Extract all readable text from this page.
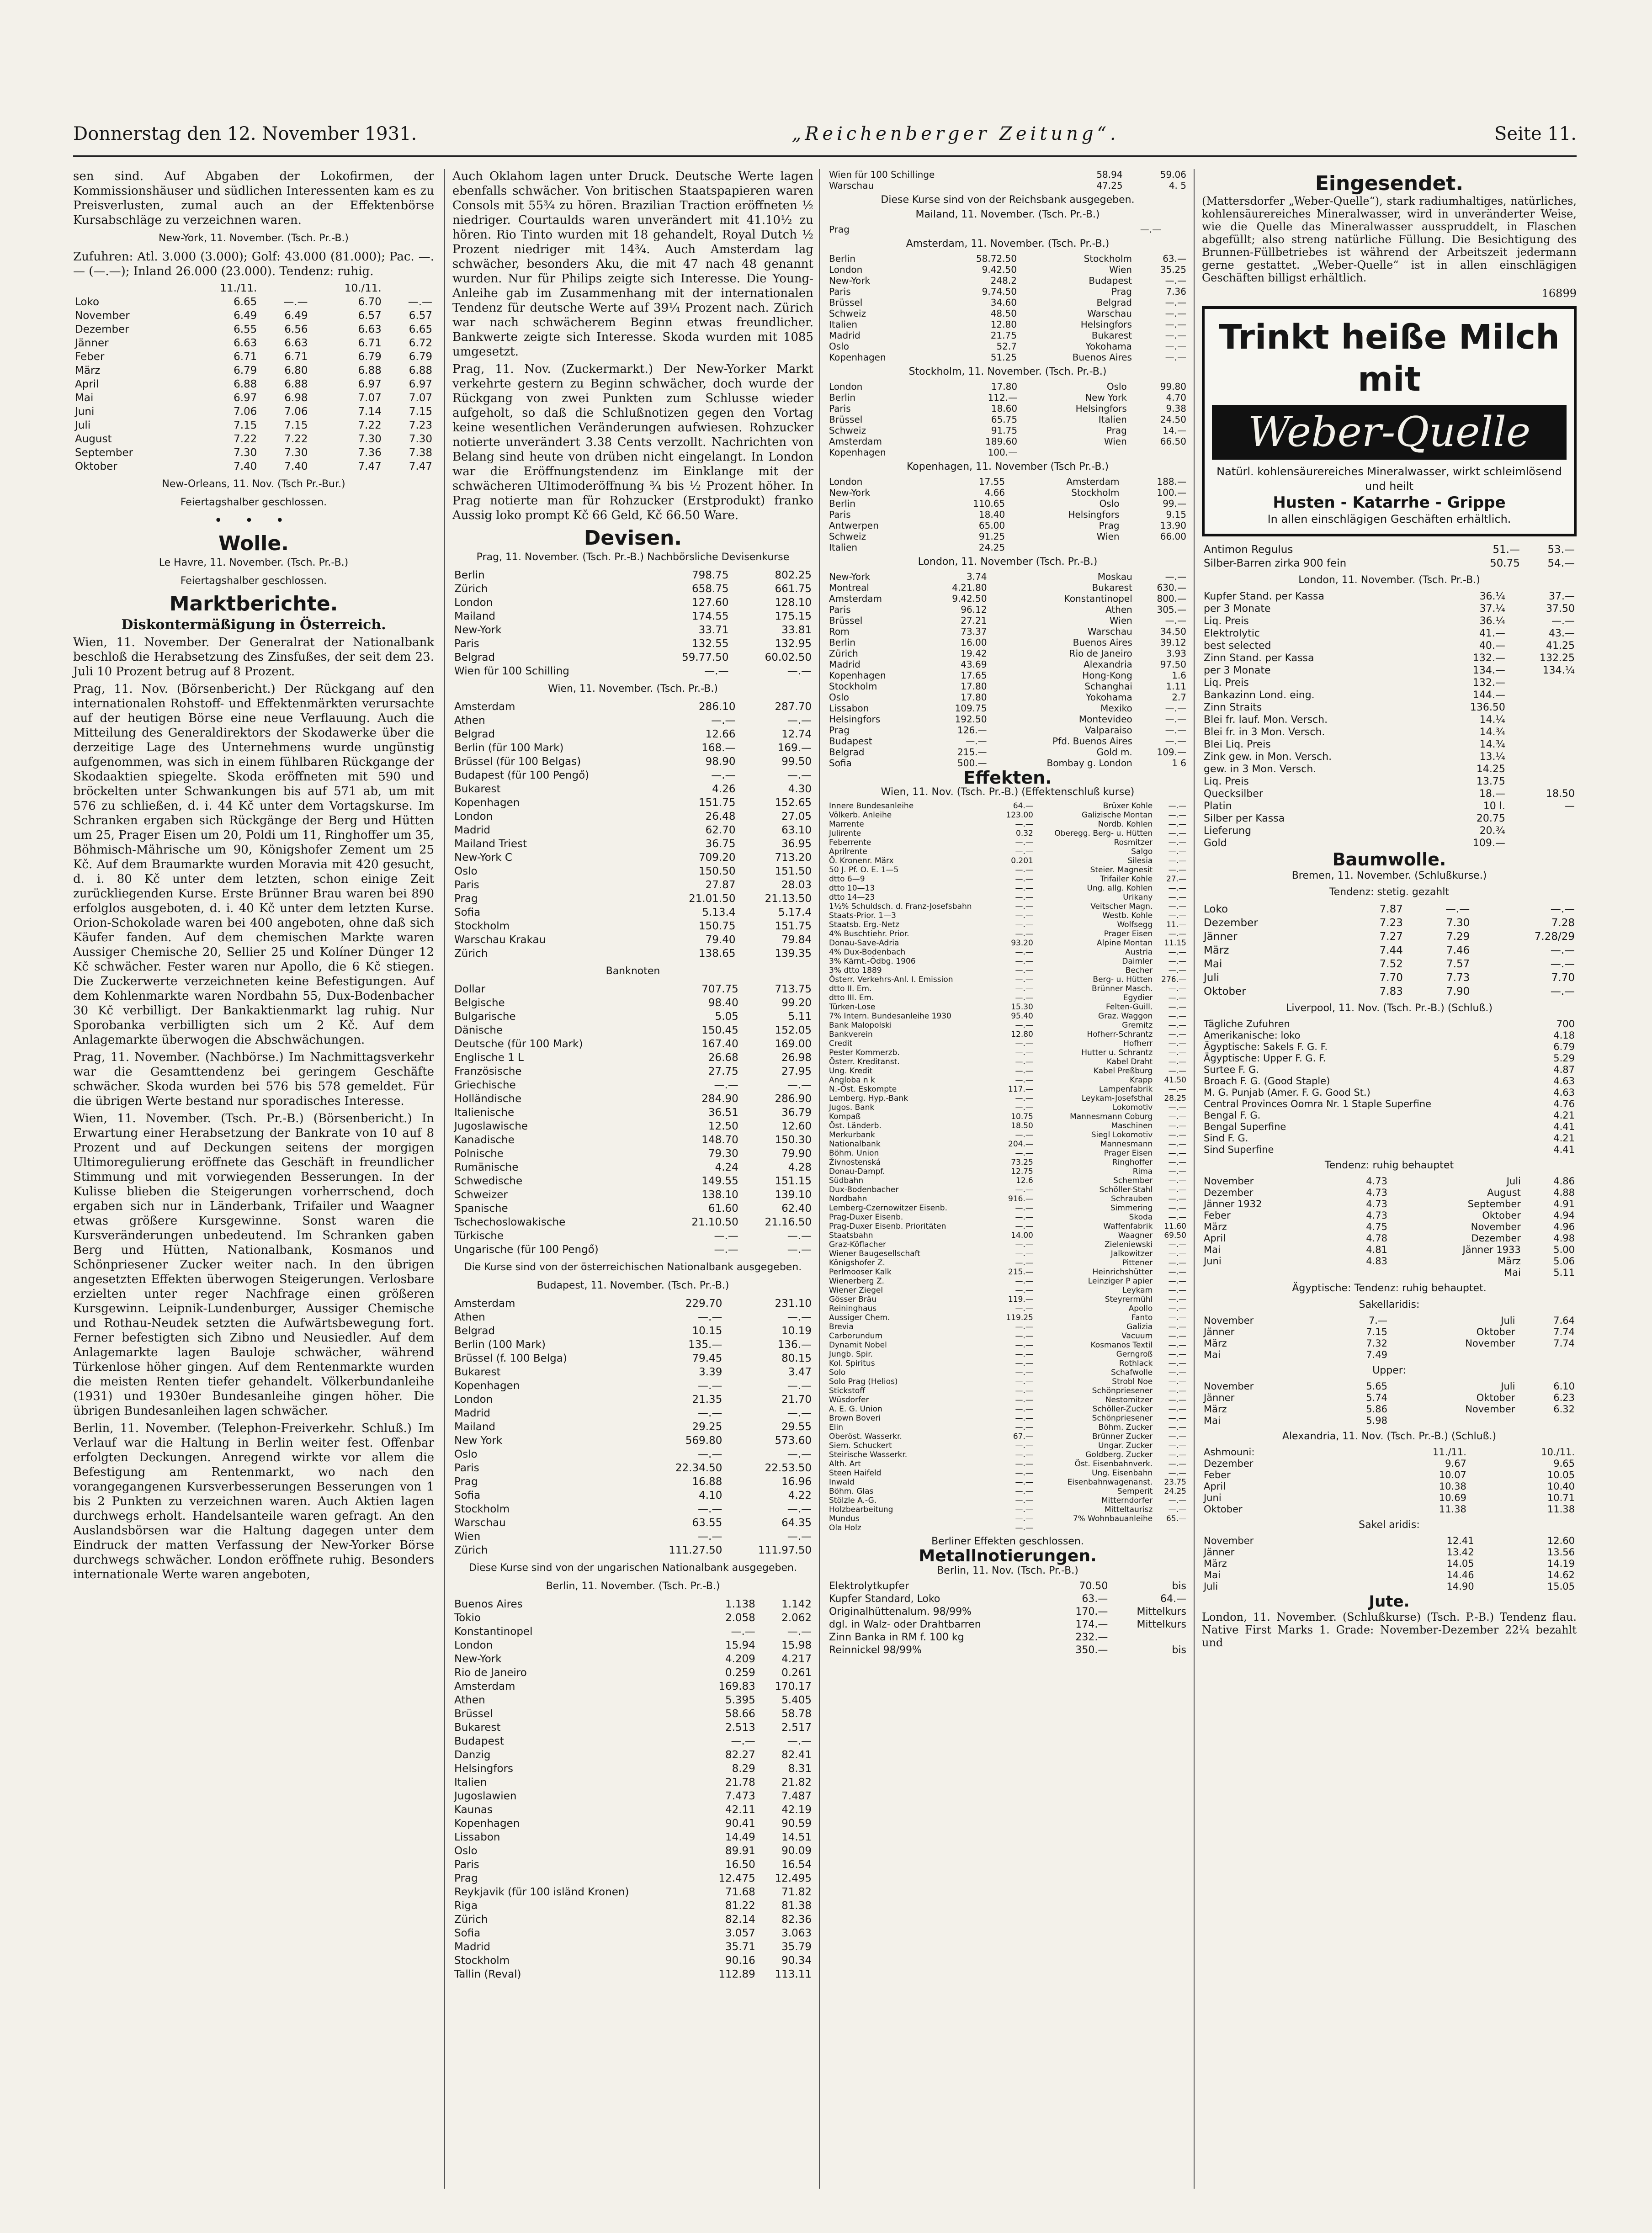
Donnerstag den 12. November 1931.	„Reichenberger Zeitung“.	Seite 11.

sen sind. Auf Abgaben der Lokofirmen, der Kommissionshäuser und südlichen Interessenten kam es zu Preisverlusten, zumal auch an der Effektenbörse Kursabschläge zu verzeichnen waren.

New-York, 11. November. (Tsch. Pr.-B.)

Zufuhren: Atl. 3.000 (3.000); Golf: 43.000 (81.000); Pac. —.— (—.—); Inland 26.000 (23.000). Tendenz: ruhig.

	11./11.		10./11.	
Loko	6.65	—.—	6.70	—.—
November	6.49	6.49	6.57	6.57
Dezember	6.55	6.56	6.63	6.65
Jänner	6.63	6.63	6.71	6.72
Feber	6.71	6.71	6.79	6.79
März	6.79	6.80	6.88	6.88
April	6.88	6.88	6.97	6.97
Mai	6.97	6.98	7.07	7.07
Juni	7.06	7.06	7.14	7.15
Juli	7.15	7.15	7.22	7.23
August	7.22	7.22	7.30	7.30
September	7.30	7.30	7.36	7.38
Oktober	7.40	7.40	7.47	7.47
New-Orleans, 11. Nov. (Tsch Pr.-Bur.)
Feiertagshalber geschlossen.
• • •
Wolle.
Le Havre, 11. November. (Tsch. Pr.-B.)
Feiertagshalber geschlossen.
Marktberichte.
Diskontermäßigung in Österreich.

Wien, 11. November. Der Generalrat der Nationalbank beschloß die Herabsetzung des Zinsfußes, der seit dem 23. Juli 10 Prozent betrug auf 8 Prozent.

Prag, 11. Nov. (Börsenbericht.) Der Rückgang auf den internationalen Rohstoff- und Effektenmärkten verursachte auf der heutigen Börse eine neue Verflauung. Auch die Mitteilung des Generaldirektors der Skodawerke über die derzeitige Lage des Unternehmens wurde ungünstig aufgenommen, was sich in einem fühlbaren Rückgange der Skodaaktien spiegelte. Skoda eröffneten mit 590 und bröckelten unter Schwankungen bis auf 571 ab, um mit 576 zu schließen, d. i. 44 Kč unter dem Vortagskurse. Im Schranken ergaben sich Rückgänge der Berg und Hütten um 25, Prager Eisen um 20, Poldi um 11, Ringhoffer um 35, Böhmisch-Mährische um 90, Königshofer Zement um 25 Kč. Auf dem Braumarkte wurden Moravia mit 420 gesucht, d. i. 80 Kč unter dem letzten, schon einige Zeit zurückliegenden Kurse. Erste Brünner Brau waren bei 890 erfolglos ausgeboten, d. i. 40 Kč unter dem letzten Kurse. Orion-Schokolade waren bei 400 angeboten, ohne daß sich Käufer fanden. Auf dem chemischen Markte waren Aussiger Chemische 20, Sellier 25 und Kolíner Dünger 12 Kč schwächer. Fester waren nur Apollo, die 6 Kč stiegen. Die Zuckerwerte verzeichneten keine Befestigungen. Auf dem Kohlenmarkte waren Nordbahn 55, Dux-Bodenbacher 30 Kč verbilligt. Der Bankaktienmarkt lag ruhig. Nur Sporobanka verbilligten sich um 2 Kč. Auf dem Anlagemarkte überwogen die Abschwächungen.

Prag, 11. November. (Nachbörse.) Im Nachmittagsverkehr war die Gesamttendenz bei geringem Geschäfte schwächer. Skoda wurden bei 576 bis 578 gemeldet. Für die übrigen Werte bestand nur sporadisches Interesse.

Wien, 11. November. (Tsch. Pr.-B.) (Börsenbericht.) In Erwartung einer Herabsetzung der Bankrate von 10 auf 8 Prozent und auf Deckungen seitens der morgigen Ultimoregulierung eröffnete das Geschäft in freundlicher Stimmung und mit vorwiegenden Besserungen. In der Kulisse blieben die Steigerungen vorherrschend, doch ergaben sich nur in Länderbank, Trifailer und Waagner etwas größere Kursgewinne. Sonst waren die Kursveränderungen unbedeutend. Im Schranken gaben Berg und Hütten, Nationalbank, Kosmanos und Schönpriesener Zucker weiter nach. In den übrigen angesetzten Effekten überwogen Steigerungen. Verlosbare erzielten unter reger Nachfrage einen größeren Kursgewinn. Leipnik-Lundenburger, Aussiger Chemische und Rothau-Neudek setzten die Aufwärtsbewegung fort. Ferner befestigten sich Zibno und Neusiedler. Auf dem Anlagemarkte lagen Bauloje schwächer, während Türkenlose höher gingen. Auf dem Rentenmarkte wurden die meisten Renten tiefer gehandelt. Völkerbundanleihe (1931) und 1930er Bundesanleihe gingen höher. Die übrigen Bundesanleihen lagen schwächer.

Berlin, 11. November. (Telephon-Freiverkehr. Schluß.) Im Verlauf war die Haltung in Berlin weiter fest. Offenbar erfolgten Deckungen. Anregend wirkte vor allem die Befestigung am Rentenmarkt, wo nach den vorangegangenen Kursverbesserungen Besserungen von 1 bis 2 Punkten zu verzeichnen waren. Auch Aktien lagen durchwegs erholt. Handelsanteile waren gefragt. An den Auslandsbörsen war die Haltung dagegen unter dem Eindruck der matten Verfassung der New-Yorker Börse durchwegs schwächer. London eröffnete ruhig. Besonders internationale Werte waren angeboten,

Auch Oklahom lagen unter Druck. Deutsche Werte lagen ebenfalls schwächer. Von britischen Staatspapieren waren Consols mit 55¾ zu hören. Brazilian Traction eröffneten ½ niedriger. Courtaulds waren unverändert mit 41.10½ zu hören. Rio Tinto wurden mit 18 gehandelt, Royal Dutch ½ Prozent niedriger mit 14¾. Auch Amsterdam lag schwächer, besonders Aku, die mit 47 nach 48 genannt wurden. Nur für Philips zeigte sich Interesse. Die Young-Anleihe gab im Zusammenhang mit der internationalen Tendenz für deutsche Werte auf 39¼ Prozent nach. Zürich war nach schwächerem Beginn etwas freundlicher. Bankwerte zeigte sich Interesse. Skoda wurden mit 1085 umgesetzt.

Prag, 11. Nov. (Zuckermarkt.) Der New-Yorker Markt verkehrte gestern zu Beginn schwächer, doch wurde der Rückgang von zwei Punkten zum Schlusse wieder aufgeholt, so daß die Schlußnotizen gegen den Vortag keine wesentlichen Veränderungen aufwiesen. Rohzucker notierte unverändert 3.38 Cents verzollt. Nachrichten von Belang sind heute von drüben nicht eingelangt. In London war die Eröffnungstendenz im Einklange mit der schwächeren Ultimoderöffnung ¾ bis ½ Prozent höher. In Prag notierte man für Rohzucker (Erstprodukt) franko Aussig loko prompt Kč 66 Geld, Kč 66.50 Ware.

Devisen.
Prag, 11. November. (Tsch. Pr.-B.) Nachbörsliche Devisenkurse
Berlin	798.75	802.25
Zürich	658.75	661.75
London	127.60	128.10
Mailand	174.55	175.15
New-York	33.71	33.81
Paris	132.55	132.95
Belgrad	59.77.50	60.02.50
Wien für 100 Schilling	—.—	—.—
Wien, 11. November. (Tsch. Pr.-B.)
Amsterdam	286.10	287.70
Athen	—.—	—.—
Belgrad	12.66	12.74
Berlin (für 100 Mark)	168.—	169.—
Brüssel (für 100 Belgas)	98.90	99.50
Budapest (für 100 Pengő)	—.—	—.—
Bukarest	4.26	4.30
Kopenhagen	151.75	152.65
London	26.48	27.05
Madrid	62.70	63.10
Mailand Triest	36.75	36.95
New-York C	709.20	713.20
Oslo	150.50	151.50
Paris	27.87	28.03
Prag	21.01.50	21.13.50
Sofia	5.13.4	5.17.4
Stockholm	150.75	151.75
Warschau Krakau	79.40	79.84
Zürich	138.65	139.35
Banknoten
Dollar	707.75	713.75
Belgische	98.40	99.20
Bulgarische	5.05	5.11
Dänische	150.45	152.05
Deutsche (für 100 Mark)	167.40	169.00
Englische 1 L	26.68	26.98
Französische	27.75	27.95
Griechische	—.—	—.—
Holländische	284.90	286.90
Italienische	36.51	36.79
Jugoslawische	12.50	12.60
Kanadische	148.70	150.30
Polnische	79.30	79.90
Rumänische	4.24	4.28
Schwedische	149.55	151.15
Schweizer	138.10	139.10
Spanische	61.60	62.40
Tschechoslowakische	21.10.50	21.16.50
Türkische	—.—	—.—
Ungarische (für 100 Pengő)	—.—	—.—
Die Kurse sind von der österreichischen Nationalbank ausgegeben.
Budapest, 11. November. (Tsch. Pr.-B.)
Amsterdam	229.70	231.10
Athen	—.—	—.—
Belgrad	10.15	10.19
Berlin (100 Mark)	135.—	136.—
Brüssel (f. 100 Belga)	79.45	80.15
Bukarest	3.39	3.47
Kopenhagen	—.—	—.—
London	21.35	21.70
Madrid	—.—	—.—
Mailand	29.25	29.55
New York	569.80	573.60
Oslo	—.—	—.—
Paris	22.34.50	22.53.50
Prag	16.88	16.96
Sofia	4.10	4.22
Stockholm	—.—	—.—
Warschau	63.55	64.35
Wien	—.—	—.—
Zürich	111.27.50	111.97.50
Diese Kurse sind von der ungarischen Nationalbank ausgegeben.
Berlin, 11. November. (Tsch. Pr.-B.)
Buenos Aires	1.138	1.142
Tokio	2.058	2.062
Konstantinopel	—.—	—.—
London	15.94	15.98
New-York	4.209	4.217
Rio de Janeiro	0.259	0.261
Amsterdam	169.83	170.17
Athen	5.395	5.405
Brüssel	58.66	58.78
Bukarest	2.513	2.517
Budapest	—.—	—.—
Danzig	82.27	82.41
Helsingfors	8.29	8.31
Italien	21.78	21.82
Jugoslawien	7.473	7.487
Kaunas	42.11	42.19
Kopenhagen	90.41	90.59
Lissabon	14.49	14.51
Oslo	89.91	90.09
Paris	16.50	16.54
Prag	12.475	12.495
Reykjavik (für 100 isländ Kronen)	71.68	71.82
Riga	81.22	81.38
Zürich	82.14	82.36
Sofia	3.057	3.063
Madrid	35.71	35.79
Stockholm	90.16	90.34
Tallin (Reval)	112.89	113.11
Wien für 100 Schillinge	58.94	59.06
Warschau	47.25	4. 5
Diese Kurse sind von der Reichsbank ausgegeben.
Mailand, 11. November. (Tsch. Pr.-B.)
Prag	—.—	
Amsterdam, 11. November. (Tsch. Pr.-B.)
Berlin	58.72.50	Stockholm	63.—
London	9.42.50	Wien	35.25
New-York	248.2	Budapest	—.—
Paris	9.74.50	Prag	7.36
Brüssel	34.60	Belgrad	—.—
Schweiz	48.50	Warschau	—.—
Italien	12.80	Helsingfors	—.—
Madrid	21.75	Bukarest	—.—
Oslo	52.7	Yokohama	—.—
Kopenhagen	51.25	Buenos Aires	—.—
Stockholm, 11. November. (Tsch. Pr.-B.)
London	17.80	Oslo	99.80
Berlin	112.—	New York	4.70
Paris	18.60	Helsingfors	9.38
Brüssel	65.75	Italien	24.50
Schweiz	91.75	Prag	14.—
Amsterdam	189.60	Wien	66.50
Kopenhagen	100.—		
Kopenhagen, 11. November (Tsch Pr.-B.)
London	17.55	Amsterdam	188.—
New-York	4.66	Stockholm	100.—
Berlin	110.65	Oslo	99.—
Paris	18.40	Helsingfors	9.15
Antwerpen	65.00	Prag	13.90
Schweiz	91.25	Wien	66.00
Italien	24.25		
London, 11. November (Tsch. Pr.-B.)
New-York	3.74	Moskau	—.—
Montreal	4.21.80	Bukarest	630.—
Amsterdam	9.42.50	Konstantinopel	800.—
Paris	96.12	Athen	305.—
Brüssel	27.21	Wien	—.—
Rom	73.37	Warschau	34.50
Berlin	16.00	Buenos Aires	39.12
Zürich	19.42	Rio de Janeiro	3.93
Madrid	43.69	Alexandria	97.50
Kopenhagen	17.65	Hong-Kong	1.6
Stockholm	17.80	Schanghai	1.11
Oslo	17.80	Yokohama	2.7
Lissabon	109.75	Mexiko	—.—
Helsingfors	192.50	Montevideo	—.—
Prag	126.—	Valparaiso	—.—
Budapest	—.—	Pfd. Buenos Aires	—.—
Belgrad	215.—	Gold m.	109.—
Sofia	500.—	Bombay g. London	1 6
Effekten.
Wien, 11. Nov. (Tsch. Pr.-B.) (Effektenschluß kurse)
Innere Bundesanleihe	64.—	Brüxer Kohle	—.—
Völkerb. Anleihe	123.00	Galizische Montan	—.—
Marrente	—.—	Nordb. Kohlen	—.—
Julirente	0.32	Oberegg. Berg- u. Hütten	—.—
Feberrente	—.—	Rosmitzer	—.—
Aprilrente	—.—	Salgo	—.—
Ö. Kronenr. Märx	0.201	Silesia	—.—
50 J. Pf. O. E. 1—5	—.—	Steier. Magnesit	—.—
dtto 6—9	—.—	Trifailer Kohle	27.—
dtto 10—13	—.—	Ung. allg. Kohlen	—.—
dtto 14—23	—.—	Urikany	—.—
1½% Schuldsch. d. Franz-Josefsbahn	—.—	Veitscher Magn.	—.—
Staats-Prior. 1—3	—.—	Westb. Kohle	—.—
Staatsb. Erg.-Netz	—.—	Wolfsegg	11.—
4% Buschtiehr. Prior.	—.—	Prager Eisen	—.—
Donau-Save-Adria	93.20	Alpine Montan	11.15
4% Dux-Bodenbach	—.—	Austria	—.—
3% Kärnt.-Ödbg. 1906	—.—	Daimler	—.—
3% dtto 1889	—.—	Becher	—.—
Österr. Verkehrs-Anl. I. Emission	—.—	Berg- u. Hütten	276.—
dtto II. Em.	—.—	Brünner Masch.	—.—
dtto III. Em.	—.—	Egydier	—.—
Türken-Lose	15.30	Felten-Guill.	—.—
7% Intern. Bundesanleihe 1930	95.40	Graz. Waggon	—.—
Bank Malopolski	—.—	Gremitz	—.—
Bankverein	12.80	Hofherr-Schrantz	—.—
Credit	—.—	Hofherr	—.—
Pester Kommerzb.	—.—	Hutter u. Schrantz	—.—
Österr. Kreditanst.	—.—	Kabel Draht	—.—
Ung. Kredit	—.—	Kabel Preßburg	—.—
Angloba n k	—.—	Krapp	41.50
N.-Öst. Eskompte	117.—	Lampenfabrik	—.—
Lemberg. Hyp.-Bank	—.—	Leykam-Josefsthal	28.25
Jugos. Bank	—.—	Lokomotiv	—.—
Kompaß	10.75	Mannesmann Coburg	—.—
Öst. Länderb.	18.50	Maschinen	—.—
Merkurbank	—.—	Siegl Lokomotiv	—.—
Nationalbank	204.—	Mannesmann	—.—
Böhm. Union	—.—	Prager Eisen	—.—
Živnostenská	73.25	Ringhoffer	—.—
Donau-Dampf.	12.75	Rima	—.—
Südbahn	12.6	Schember	—.—
Dux-Bodenbacher	—.—	Schöller-Stahl	—.—
Nordbahn	916.—	Schrauben	—.—
Lemberg-Czernowitzer Eisenb.	—.—	Simmering	—.—
Prag-Duxer Eisenb.	—.—	Skoda	—.—
Prag-Duxer Eisenb. Prioritäten	—.—	Waffenfabrik	11.60
Staatsbahn	14.00	Waagner	69.50
Graz-Köflacher	—.—	Zieleniewski	—.—
Wiener Baugesellschaft	—.—	Jalkowitzer	—.—
Königshofer Z.	—.—	Pittener	—.—
Perlmooser Kalk	215.—	Heinrichshütter	—.—
Wienerberg Z.	—.—	Leinziger P apier	—.—
Wiener Ziegel	—.—	Leykam	—.—
Gösser Bräu	119.—	Steyrermühl	—.—
Reininghaus	—.—	Apollo	—.—
Aussiger Chem.	119.25	Fanto	—.—
Brevia	—.—	Galizia	—.—
Carborundum	—.—	Vacuum	—.—
Dynamit Nobel	—.—	Kosmanos Textil	—.—
Jungb. Spir.	—.—	Gerngroß	—.—
Kol. Spiritus	—.—	Rothlack	—.—
Solo	—.—	Schafwolle	—.—
Solo Prag (Helios)	—.—	Strobl Noe	—.—
Stickstoff	—.—	Schönpriesener	—.—
Wüsdorfer	—.—	Nestomitzer	—.—
A. E. G. Union	—.—	Schöller-Zucker	—.—
Brown Boveri	—.—	Schönpriesener	—.—
Elin	—.—	Böhm. Zucker	—.—
Oberöst. Wasserkr.	67.—	Brünner Zucker	—.—
Siem. Schuckert	—.—	Ungar. Zucker	—.—
Steirische Wasserkr.	—.—	Goldberg. Zucker	—.—
Alth. Art	—.—	Öst. Eisenbahnverk.	—.—
Steen Haifeld	—.—	Ung. Eisenbahn	—.—
Inwald	—.—	Eisenbahnwagenanst.	23.75
Böhm. Glas	—.—	Semperit	24.25
Stölzle A.-G.	—.—	Mitterndorfer	—.—
Holzbearbeitung	—.—	Mitteltaurisz	—.—
Mundus	—.—	7% Wohnbauanleihe	65.—
Ola Holz	—.—		
Berliner Effekten geschlossen.
Metallnotierungen.
Berlin, 11. Nov. (Tsch. Pr.-B.)
Elektrolytkupfer	70.50	bis
Kupfer Standard, Loko	63.—	64.—
Originalhüttenalum. 98/99%	170.—	Mittelkurs
dgl. in Walz- oder Drahtbarren	174.—	Mittelkurs
Zinn Banka in RM f. 100 kg	232.—	
Reinnickel 98/99%	350.—	bis
Eingesendet.

(Mattersdorfer „Weber-Quelle“), stark radiumhaltiges, natürliches, kohlensäurereiches Mineralwasser, wird in unveränderter Weise, wie die Quelle das Mineralwasser ausspruddelt, in Flaschen abgefüllt; also streng natürliche Füllung. Die Besichtigung des Brunnen-Füllbetriebes ist während der Arbeitszeit jedermann gerne gestattet. „Weber-Quelle“ ist in allen einschlägigen Geschäften billigst erhältlich.

16899
Trinkt heiße Milch mit
Weber-Quelle
Natürl. kohlensäurereiches Mineralwasser, wirkt schleimlösend und heilt
Husten - Katarrhe - Grippe
In allen einschlägigen Geschäften erhältlich.
Antimon Regulus	51.—	53.—
Silber-Barren zirka 900 fein	50.75	54.—
London, 11. November. (Tsch. Pr.-B.)
Kupfer Stand. per Kassa	36.¼	37.—
per 3 Monate	37.¼	37.50
Liq. Preis	36.¼	—.—
Elektrolytic	41.—	43.—
best selected	40.—	41.25
Zinn Stand. per Kassa	132.—	132.25
per 3 Monate	134.—	134.¼
Liq. Preis	132.—	
Bankazinn Lond. eing.	144.—	
Zinn Straits	136.50	
Blei fr. lauf. Mon. Versch.	14.¼	
Blei fr. in 3 Mon. Versch.	14.¾	
Blei Liq. Preis	14.¾	
Zink gew. in Mon. Versch.	13.¼	
gew. in 3 Mon. Versch.	14.25	
Liq. Preis	13.75	
Quecksilber	18.—	18.50
Platin	10 l.	—
Silber per Kassa	20.75	
Lieferung	20.¾	
Gold	109.—	
Baumwolle.
Bremen, 11. November. (Schlußkurse.)
Tendenz: stetig. gezahlt
Loko	7.87	—.—	—.—
Dezember	7.23	7.30	7.28
Jänner	7.27	7.29	7.28/29
März	7.44	7.46	—.—
Mai	7.52	7.57	—.—
Juli	7.70	7.73	7.70
Oktober	7.83	7.90	—.—
Liverpool, 11. Nov. (Tsch. Pr.-B.) (Schluß.)
Tägliche Zufuhren	700
Amerikanische: loko	4.18
Ägyptische: Sakels F. G. F.	6.79
Ägyptische: Upper F. G. F.	5.29
Surtee F. G.	4.87
Broach F. G. (Good Staple)	4.63
M. G. Punjab (Amer. F. G. Good St.)	4.63
Central Provinces Oomra Nr. 1 Staple Superfine	4.76
Bengal F. G.	4.21
Bengal Superfine	4.41
Sind F. G.	4.21
Sind Superfine	4.41
Tendenz: ruhig behauptet
November	4.73	Juli	4.86
Dezember	4.73	August	4.88
Jänner 1932	4.73	September	4.91
Feber	4.73	Oktober	4.94
März	4.75	November	4.96
April	4.78	Dezember	4.98
Mai	4.81	Jänner 1933	5.00
Juni	4.83	März	5.06
		Mai	5.11
Ägyptische: Tendenz: ruhig behauptet.
Sakellaridis:
November	7.—	Juli	7.64
Jänner	7.15	Oktober	7.74
März	7.32	November	7.74
Mai	7.49		
Upper:
November	5.65	Juli	6.10
Jänner	5.74	Oktober	6.23
März	5.86	November	6.32
Mai	5.98		
Alexandria, 11. Nov. (Tsch. Pr.-B.) (Schluß.)
Ashmouni:	11./11.	10./11.
Dezember	9.67	9.65
Feber	10.07	10.05
April	10.38	10.40
Juni	10.69	10.71
Oktober	11.38	11.38
Sakel aridis:
November	12.41	12.60
Jänner	13.42	13.56
März	14.05	14.19
Mai	14.46	14.62
Juli	14.90	15.05
Jute.

London, 11. November. (Schlußkurse) (Tsch. P.-B.) Tendenz flau. Native First Marks 1. Grade: November-Dezember 22¼ bezahlt und
